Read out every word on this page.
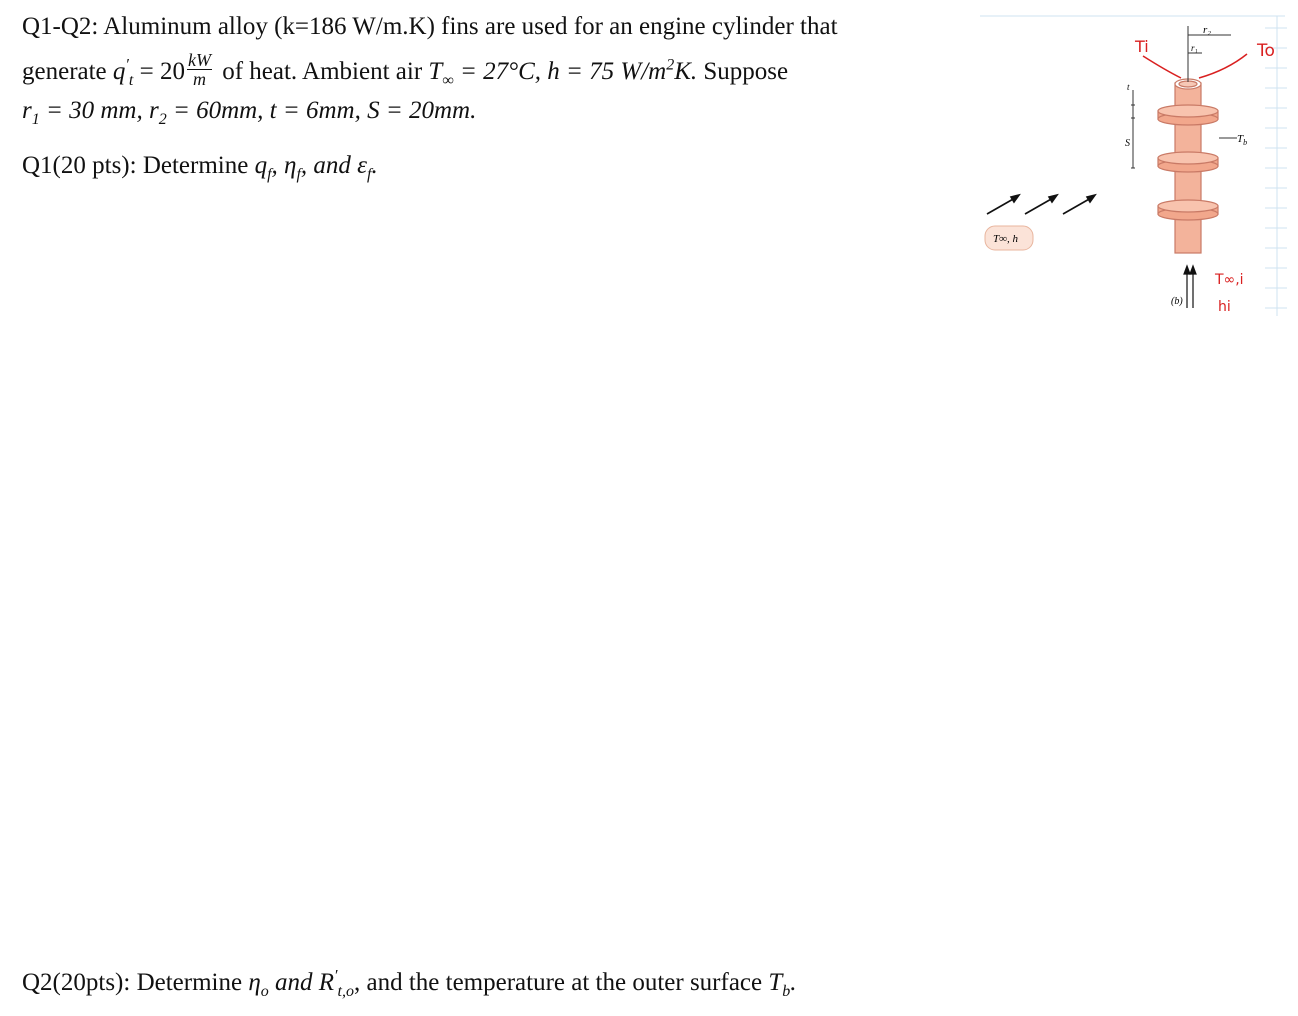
Q1-Q2: Aluminum alloy (k=186 W/m.K) fins are used for an engine cylinder that
generate $q'_t = 20 \frac{kW}{m}$ of heat. Ambient air $T_\infty = 27^\circ C$, h = 75 $W/m^2K$. Suppose
$r_1 = 30$ mm, $r_2 = 60mm$, t = 6mm, S = 20mm.
Q1(20 pts): Determine $q_f$, $\eta_f$, and $\varepsilon_f$.
Q2(20pts): Determine $\eta_o$ and $R'_{t,o}$, and the temperature at the outer surface $T_b$.
r₂
r₁
t
S	$T_b$
T∞, h
(b)
Ti	To
T∞,i
hi
